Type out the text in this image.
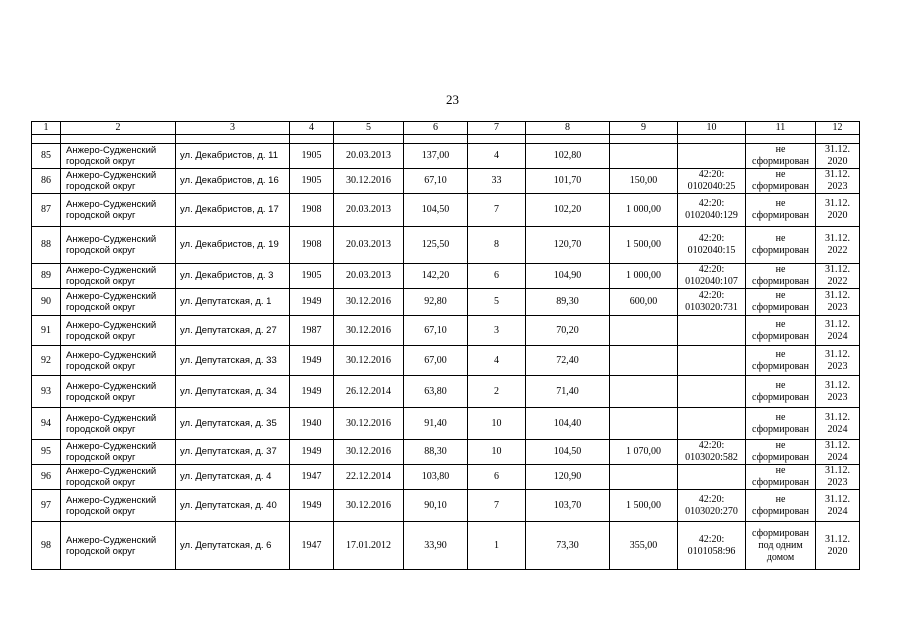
23
1	2	3	4	5	6	7	8	9	10	11	12

85	Анжеро-Судженский городской округ	ул. Декабристов, д. 11	1905	20.03.2013	137,00	4	102,80			не сформирован	31.12. 2020
86	Анжеро-Судженский городской округ	ул. Декабристов, д. 16	1905	30.12.2016	67,10	33	101,70	150,00	42:20: 0102040:25	не сформирован	31.12. 2023
87	Анжеро-Судженский городской округ	ул. Декабристов, д. 17	1908	20.03.2013	104,50	7	102,20	1 000,00	42:20: 0102040:129	не сформирован	31.12. 2020
88	Анжеро-Судженский городской округ	ул. Декабристов, д. 19	1908	20.03.2013	125,50	8	120,70	1 500,00	42:20: 0102040:15	не сформирован	31.12. 2022
89	Анжеро-Судженский городской округ	ул. Декабристов, д. 3	1905	20.03.2013	142,20	6	104,90	1 000,00	42:20: 0102040:107	не сформирован	31.12. 2022
90	Анжеро-Судженский городской округ	ул. Депутатская, д. 1	1949	30.12.2016	92,80	5	89,30	600,00	42:20: 0103020:731	не сформирован	31.12. 2023
91	Анжеро-Судженский городской округ	ул. Депутатская, д. 27	1987	30.12.2016	67,10	3	70,20			не сформирован	31.12. 2024
92	Анжеро-Судженский городской округ	ул. Депутатская, д. 33	1949	30.12.2016	67,00	4	72,40			не сформирован	31.12. 2023
93	Анжеро-Судженский городской округ	ул. Депутатская, д. 34	1949	26.12.2014	63,80	2	71,40			не сформирован	31.12. 2023
94	Анжеро-Судженский городской округ	ул. Депутатская, д. 35	1940	30.12.2016	91,40	10	104,40			не сформирован	31.12. 2024
95	Анжеро-Судженский городской округ	ул. Депутатская, д. 37	1949	30.12.2016	88,30	10	104,50	1 070,00	42:20: 0103020:582	не сформирован	31.12. 2024
96	Анжеро-Судженский городской округ	ул. Депутатская, д. 4	1947	22.12.2014	103,80	6	120,90			не сформирован	31.12. 2023
97	Анжеро-Судженский городской округ	ул. Депутатская, д. 40	1949	30.12.2016	90,10	7	103,70	1 500,00	42:20: 0103020:270	не сформирован	31.12. 2024
98	Анжеро-Судженский городской округ	ул. Депутатская, д. 6	1947	17.01.2012	33,90	1	73,30	355,00	42:20: 0101058:96	сформирован под одним домом	31.12. 2020
